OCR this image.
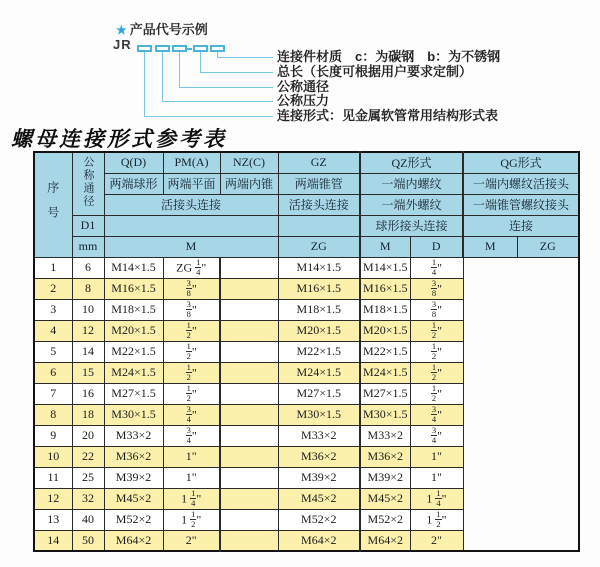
★ 产品代号示例
JR
连接件材质　c：为碳钢　b：为不锈钢
总长（长度可根据用户要求定制）
公称通径
公称压力
连接形式：见金属软管常用结构形式表
螺母连接形式参考表
序号	公称通径	Q(D)	PM(A)	NZ(C)	GZ	QZ形式		QG形式	
		两端球形	两端平面	两端内锥	两端锥管	一端内螺纹		一端内螺纹活接头	
		活接头连接			活接头连接	一端外螺纹		一端锥管螺纹接头	
	D1					球形接头连接		连接	
	mm	M			ZG	M	D	M	ZG
1	6	M14×1.5	ZG $\frac{1}{4}$ "		M14×1.5	M14×1.5	$\frac{1}{4}$ "		
2	8	M16×1.5	$\frac{3}{8}$ "		M16×1.5	M16×1.5	$\frac{3}{8}$ "		
3	10	M18×1.5	$\frac{3}{8}$ "		M18×1.5	M18×1.5	$\frac{3}{8}$ "		
4	12	M20×1.5	$\frac{1}{2}$ "		M20×1.5	M20×1.5	$\frac{1}{2}$ "		
5	14	M22×1.5	$\frac{1}{2}$ "		M22×1.5	M22×1.5	$\frac{1}{2}$ "		
6	15	M24×1.5	$\frac{1}{2}$ "		M24×1.5	M24×1.5	$\frac{1}{2}$ "		
7	16	M27×1.5	$\frac{1}{2}$ "		M27×1.5	M27×1.5	$\frac{1}{2}$ "		
8	18	M30×1.5	$\frac{3}{4}$ "		M30×1.5	M30×1.5	$\frac{3}{4}$ "		
9	20	M33×2	$\frac{3}{4}$ "		M33×2	M33×2	$\frac{3}{4}$ "		
10	22	M36×2	1"		M36×2	M36×2	1"		
11	25	M39×2	1"		M39×2	M39×2	1"		
12	32	M45×2	$1 \frac{1}{4}$ "		M45×2	M45×2	$1 \frac{1}{4}$ "		
13	40	M52×2	$1 \frac{1}{2}$ "		M52×2	M52×2	$1 \frac{1}{2}$ "		
14	50	M64×2	2"		M64×2	M64×2	2"		
